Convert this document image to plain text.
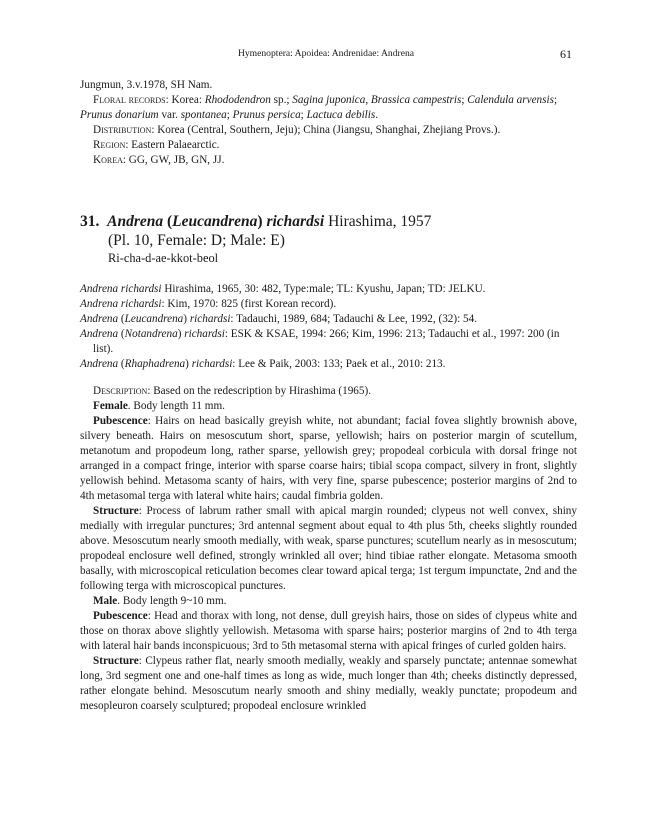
Hymenoptera: Apoidea: Andrenidae: Andrena	61

Jungmun, 3.v.1978, SH Nam.

Floral records: Korea: Rhododendron sp.; Sagina juponica, Brassica campestris; Calendula arvensis; Prunus donarium var. spontanea; Prunus persica; Lactuca debilis.

Distribution: Korea (Central, Southern, Jeju); China (Jiangsu, Shanghai, Zhejiang Provs.).

Region: Eastern Palaearctic.

Korea: GG, GW, JB, GN, JJ.

31. Andrena (Leucandrena) richardsi Hirashima, 1957
(Pl. 10, Female: D; Male: E)
Ri-cha-d-ae-kkot-beol

Andrena richardsi Hirashima, 1965, 30: 482, Type:male; TL: Kyushu, Japan; TD: JELKU.

Andrena richardsi: Kim, 1970: 825 (first Korean record).

Andrena (Leucandrena) richardsi: Tadauchi, 1989, 684; Tadauchi & Lee, 1992, (32): 54.

Andrena (Notandrena) richardsi: ESK & KSAE, 1994: 266; Kim, 1996: 213; Tadauchi et al., 1997: 200 (in list).

Andrena (Rhaphadrena) richardsi: Lee & Paik, 2003: 133; Paek et al., 2010: 213.

Description: Based on the redescription by Hirashima (1965).

Female. Body length 11 mm.

Pubescence: Hairs on head basically greyish white, not abundant; facial fovea slightly brownish above, silvery beneath. Hairs on mesoscutum short, sparse, yellowish; hairs on posterior margin of scutellum, metanotum and propodeum long, rather sparse, yellowish grey; propodeal corbicula with dorsal fringe not arranged in a compact fringe, interior with sparse coarse hairs; tibial scopa compact, silvery in front, slightly yellowish behind. Metasoma scanty of hairs, with very fine, sparse pubescence; posterior margins of 2nd to 4th metasomal terga with lateral white hairs; caudal fimbria golden.

Structure: Process of labrum rather small with apical margin rounded; clypeus not well convex, shiny medially with irregular punctures; 3rd antennal segment about equal to 4th plus 5th, cheeks slightly rounded above. Mesoscutum nearly smooth medially, with weak, sparse punctures; scutellum nearly as in mesoscutum; propodeal enclosure well defined, strongly wrinkled all over; hind tibiae rather elongate. Metasoma smooth basally, with microscopical reticulation becomes clear toward apical terga; 1st tergum impunctate, 2nd and the following terga with microscopical punctures.

Male. Body length 9~10 mm.

Pubescence: Head and thorax with long, not dense, dull greyish hairs, those on sides of clypeus white and those on thorax above slightly yellowish. Metasoma with sparse hairs; posterior margins of 2nd to 4th terga with lateral hair bands inconspicuous; 3rd to 5th metasomal sterna with apical fringes of curled golden hairs.

Structure: Clypeus rather flat, nearly smooth medially, weakly and sparsely punctate; antennae somewhat long, 3rd segment one and one-half times as long as wide, much longer than 4th; cheeks distinctly depressed, rather elongate behind. Mesoscutum nearly smooth and shiny medially, weakly punctate; propodeum and mesopleuron coarsely sculptured; propodeal enclosure wrinkled
